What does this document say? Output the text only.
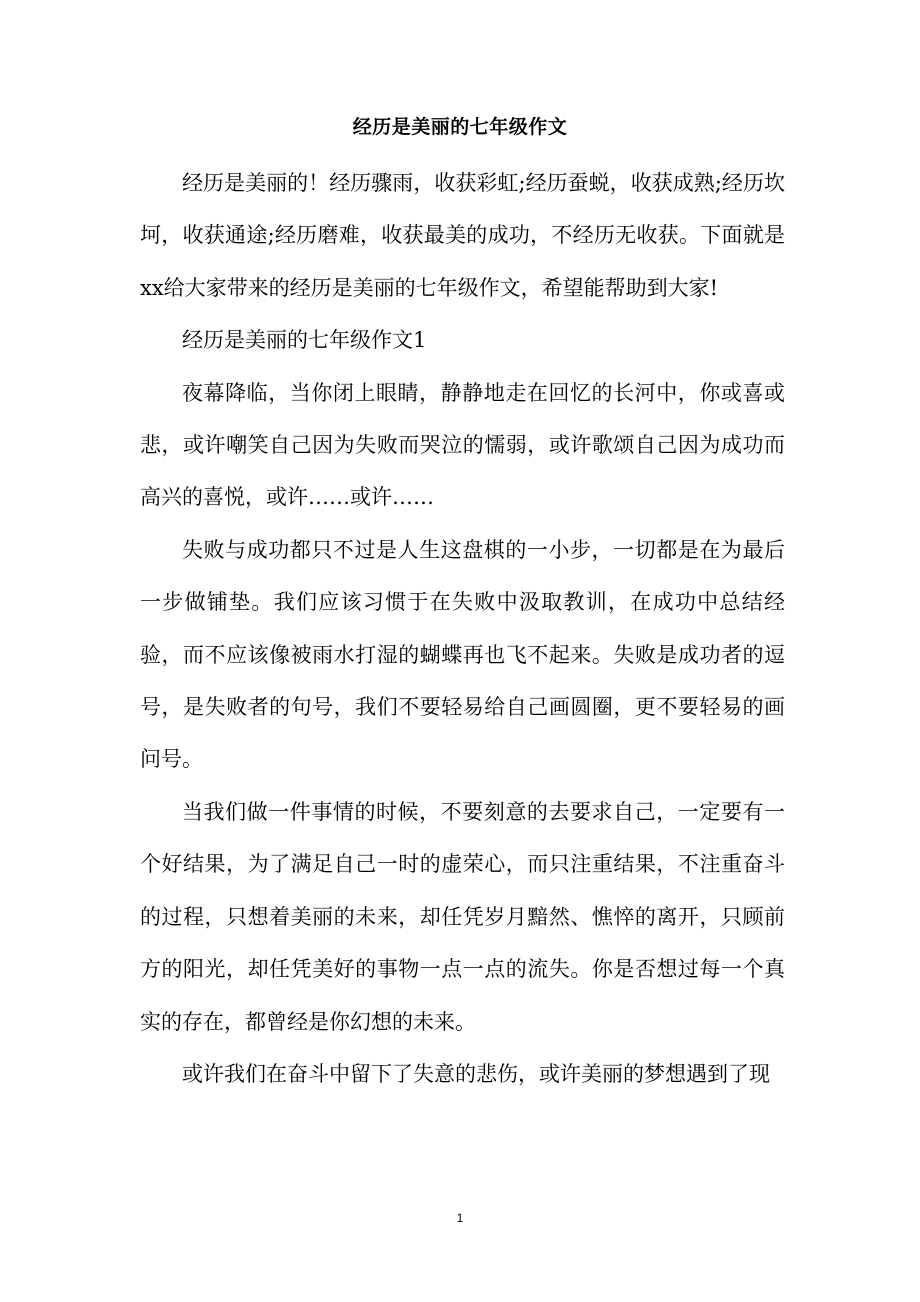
经历是美丽的七年级作文

经历是美丽的！经历骤雨，收获彩虹;经历蚕蜕，收获成熟;经历坎坷，收获通途;经历磨难，收获最美的成功，不经历无收获。下面就是xx给大家带来的经历是美丽的七年级作文，希望能帮助到大家!

经历是美丽的七年级作文1

夜幕降临，当你闭上眼睛，静静地走在回忆的长河中，你或喜或悲，或许嘲笑自己因为失败而哭泣的懦弱，或许歌颂自己因为成功而高兴的喜悦，或许……或许……

失败与成功都只不过是人生这盘棋的一小步，一切都是在为最后一步做铺垫。我们应该习惯于在失败中汲取教训，在成功中总结经验，而不应该像被雨水打湿的蝴蝶再也飞不起来。失败是成功者的逗号，是失败者的句号，我们不要轻易给自己画圆圈，更不要轻易的画问号。

当我们做一件事情的时候，不要刻意的去要求自己，一定要有一个好结果，为了满足自己一时的虚荣心，而只注重结果，不注重奋斗的过程，只想着美丽的未来，却任凭岁月黯然、憔悴的离开，只顾前方的阳光，却任凭美好的事物一点一点的流失。你是否想过每一个真实的存在，都曾经是你幻想的未来。

或许我们在奋斗中留下了失意的悲伤，或许美丽的梦想遇到了现

1
